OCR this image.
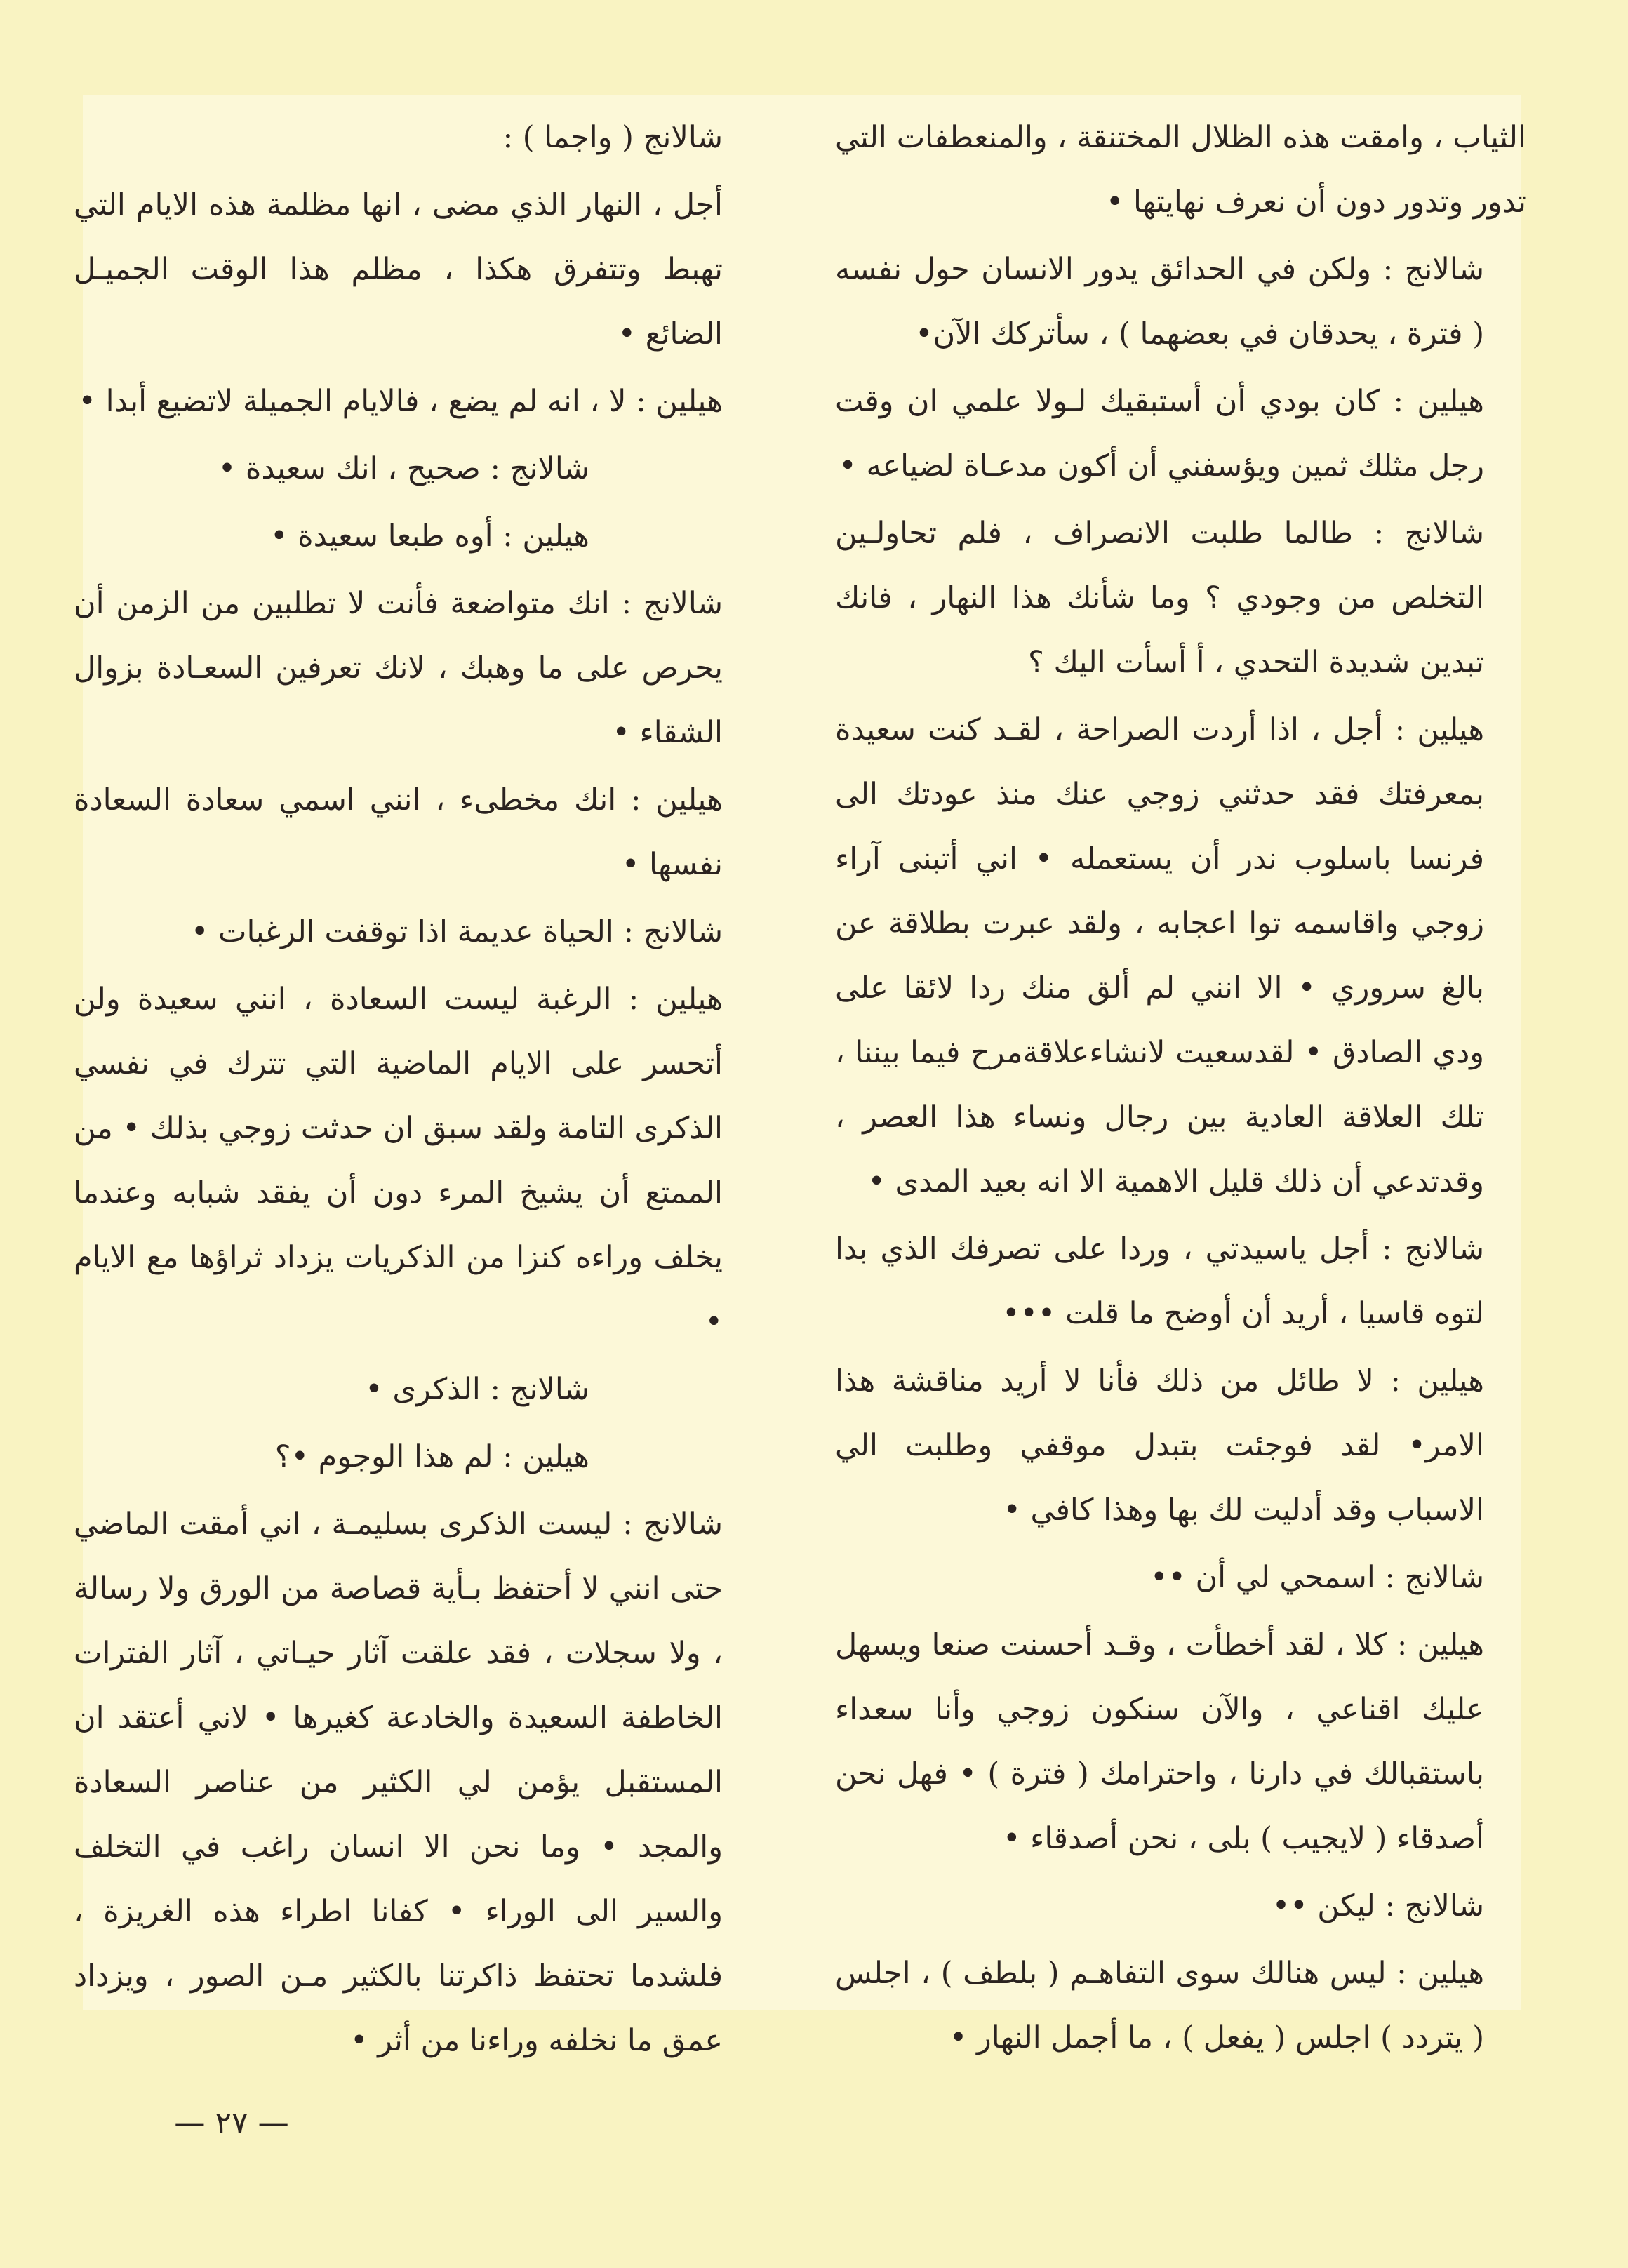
الثياب ، وامقت هذه الظلال المختنقة ، والمنعطفات التي تدور وتدور دون أن نعرف نهايتها •

شالانج : ولكن في الحدائق يدور الانسان حول نفسه ( فترة ، يحدقان في بعضهما ) ، سأتركك الآن•

هيلين : كان بودي أن أستبقيك لـولا علمي ان وقت رجل مثلك ثمين ويؤسفني أن أكون مدعـاة لضياعه •

شالانج : طالما طلبت الانصراف ، فلم تحاولـين التخلص من وجودي ؟ وما شأنك هذا النهار ، فانك تبدين شديدة التحدي ، أ أسأت اليك ؟

هيلين : أجل ، اذا أردت الصراحة ، لقـد كنت سعيدة بمعرفتك فقد حدثني زوجي عنك منذ عودتك الى فرنسا باسلوب ندر أن يستعمله • اني أتبنى آراء زوجي واقاسمه توا اعجابه ، ولقد عبرت بطلاقة عن بالغ سروري • الا انني لم ألق منك ردا لائقا على ودي الصادق • لقدسعيت لانشاءعلاقةمرح فيما بيننا ، تلك العلاقة العادية بين رجال ونساء هذا العصر ، وقدتدعي أن ذلك قليل الاهمية الا انه بعيد المدى •

شالانج : أجل ياسيدتي ، وردا على تصرفك الذي بدا لتوه قاسيا ، أريد أن أوضح ما قلت •••

هيلين : لا طائل من ذلك فأنا لا أريد مناقشة هذا الامر• لقد فوجئت بتبدل موقفي وطلبت الي الاسباب وقد أدليت لك بها وهذا كافي •

شالانج : اسمحي لي أن ••

هيلين : كلا ، لقد أخطأت ، وقـد أحسنت صنعا ويسهل عليك اقناعي ، والآن سنكون زوجي وأنا سعداء باستقبالك في دارنا ، واحترامك ( فترة ) • فهل نحن أصدقاء ( لايجيب ) بلى ، نحن أصدقاء •

شالانج : ليكن ••

هيلين : ليس هنالك سوى التفاهـم ( بلطف ) ، اجلس ( يتردد ) اجلس ( يفعل ) ، ما أجمل النهار •

شالانج ( واجما ) :

أجل ، النهار الذي مضى ، انها مظلمة هذه الايام التي تهبط وتتفرق هكذا ، مظلم هذا الوقت الجميـل الضائع •

هيلين : لا ، انه لم يضع ، فالايام الجميلة لاتضيع أبدا •

شالانج : صحيح ، انك سعيدة •

هيلين : أوه طبعا سعيدة •

شالانج : انك متواضعة فأنت لا تطلبين من الزمن أن يحرص على ما وهبك ، لانك تعرفين السعـادة بزوال الشقاء •

هيلين : انك مخطىء ، انني اسمي سعادة السعادة نفسها •

شالانج : الحياة عديمة اذا توقفت الرغبات •

هيلين : الرغبة ليست السعادة ، انني سعيدة ولن أتحسر على الايام الماضية التي تترك في نفسي الذكرى التامة ولقد سبق ان حدثت زوجي بذلك • من الممتع أن يشيخ المرء دون أن يفقد شبابه وعندما يخلف وراءه كنزا من الذكريات يزداد ثراؤها مع الايام •

شالانج : الذكرى •

هيلين : لم هذا الوجوم •؟

شالانج : ليست الذكرى بسليمـة ، اني أمقت الماضي حتى انني لا أحتفظ بـأية قصاصة من الورق ولا رسالة ، ولا سجلات ، فقد علقت آثار حيـاتي ، آثار الفترات الخاطفة السعيدة والخادعة كغيرها • لاني أعتقد ان المستقبل يؤمن لي الكثير من عناصر السعادة والمجد • وما نحن الا انسان راغب في التخلف والسير الى الوراء • كفانا اطراء هذه الغريزة ، فلشدما تحتفظ ذاكرتنا بالكثير مـن الصور ، ويزداد عمق ما نخلفه وراءنا من أثر •

— ٢٧ —
